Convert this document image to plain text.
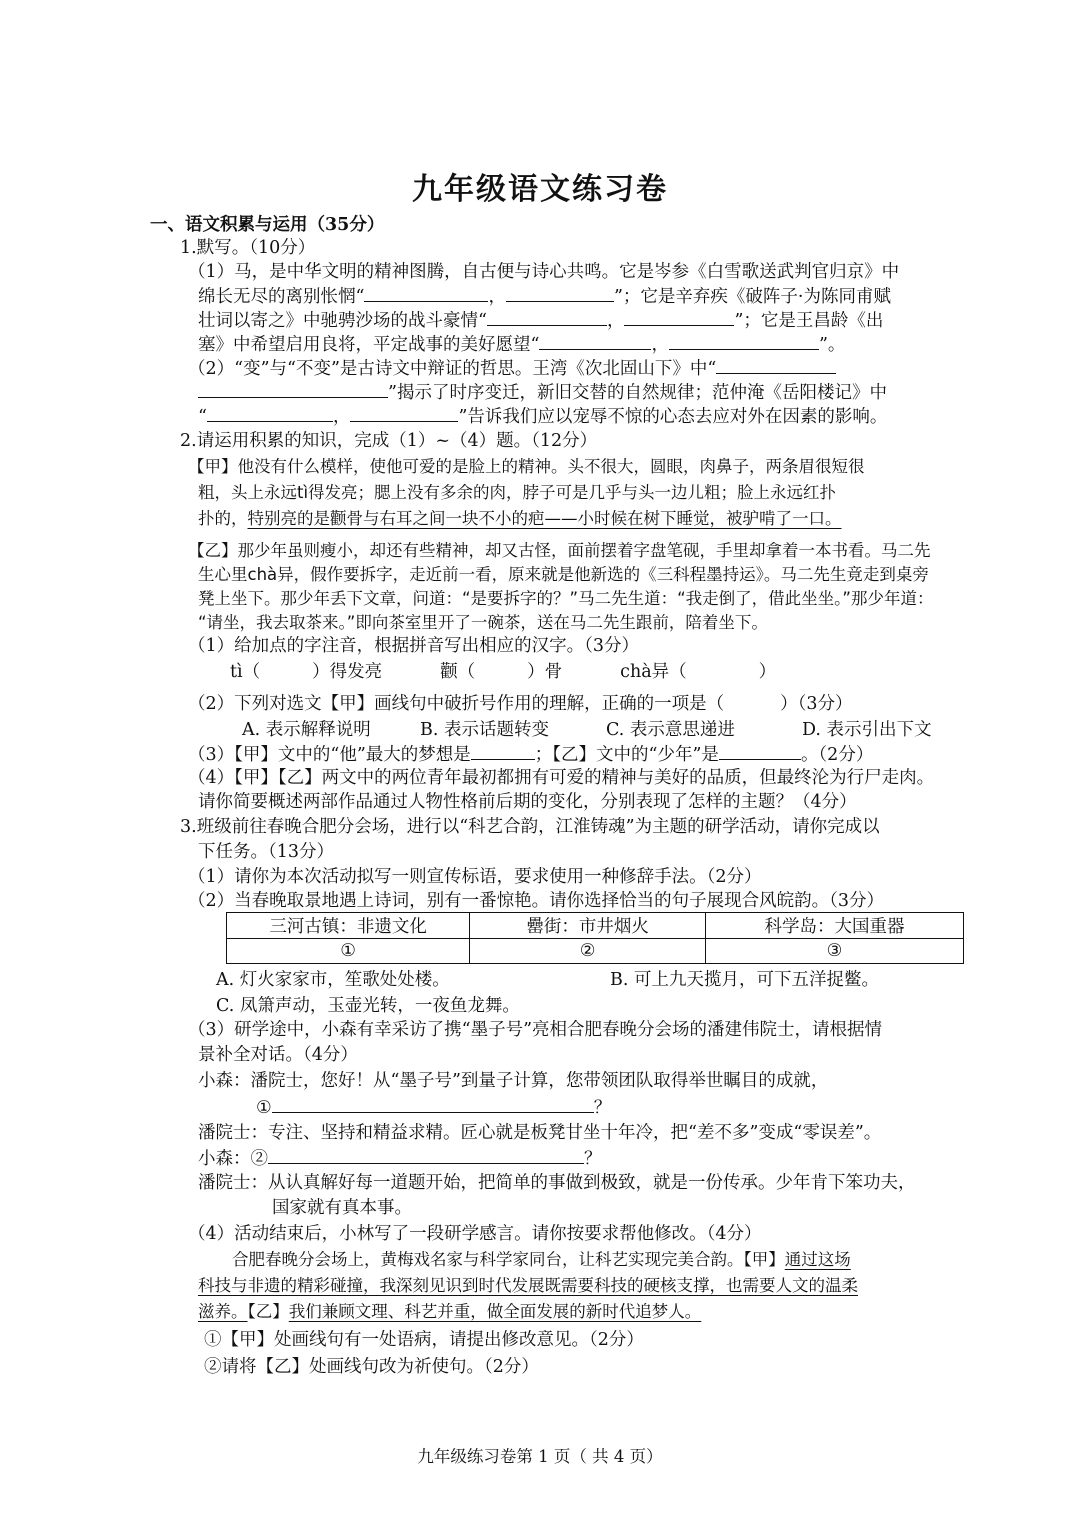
九年级语文练习卷
一、语文积累与运用（35分）
1.默写。（10分）
（1）马，是中华文明的精神图腾，自古便与诗心共鸣。它是岑参《白雪歌送武判官归京》中
绵长无尽的离别怅惘“	，	”；它是辛弃疾《破阵子·为陈同甫赋
壮词以寄之》中驰骋沙场的战斗豪情“	，	”；它是王昌龄《出
塞》中希望启用良将，平定战事的美好愿望“	，	”。
（2）“变”与“不变”是古诗文中辩证的哲思。王湾《次北固山下》中“
”揭示了时序变迁，新旧交替的自然规律；范仲淹《岳阳楼记》中
“	，	”告诉我们应以宠辱不惊的心态去应对外在因素的影响。
2.请运用积累的知识，完成（1）~（4）题。（12分）
【甲】他没有什么模样，使他可爱的是脸上的精神。头不很大，圆眼，肉鼻子，两条眉很短很
粗，头上永远tì得发亮；腮上没有多余的肉，脖子可是几乎与头一边儿粗；脸上永远红扑
扑的，特别亮的是颧骨与右耳之间一块不小的疤——小时候在树下睡觉，被驴啃了一口。
【乙】那少年虽则瘦小，却还有些精神，却又古怪，面前摆着字盘笔砚，手里却拿着一本书看。马二先
生心里chà异，假作要拆字，走近前一看，原来就是他新选的《三科程墨持运》。马二先生竟走到桌旁
凳上坐下。那少年丢下文章，问道：“是要拆字的？”马二先生道：“我走倒了，借此坐坐。”那少年道：
“请坐，我去取茶来。”即向茶室里开了一碗茶，送在马二先生跟前，陪着坐下。
（1）给加点的字注音，根据拼音写出相应的汉字。（3分）
tì（	）得发亮	颧（	）骨	chà异（	）
（2）下列对选文【甲】画线句中破折号作用的理解，正确的一项是（	）（3分）
A. 表示解释说明	B. 表示话题转变	C. 表示意思递进	D. 表示引出下文
（3）【甲】文中的“他”最大的梦想是	；【乙】文中的“少年”是	。（2分）
（4）【甲】【乙】两文中的两位青年最初都拥有可爱的精神与美好的品质，但最终沦为行尸走肉。
请你简要概述两部作品通过人物性格前后期的变化，分别表现了怎样的主题？（4分）
3.班级前往春晚合肥分会场，进行以“科艺合韵，江淮铸魂”为主题的研学活动，请你完成以
下任务。（13分）
（1）请你为本次活动拟写一则宣传标语，要求使用一种修辞手法。（2分）
（2）当春晚取景地遇上诗词，别有一番惊艳。请你选择恰当的句子展现合风皖韵。（3分）
三河古镇：非遗文化	罍街：市井烟火	科学岛：大国重器
①	②	③
A. 灯火家家市，笙歌处处楼。	B. 可上九天揽月，可下五洋捉鳖。
C. 凤箫声动，玉壶光转，一夜鱼龙舞。
（3）研学途中，小森有幸采访了携“墨子号”亮相合肥春晚分会场的潘建伟院士，请根据情
景补全对话。（4分）
小森：潘院士，您好！从“墨子号”到量子计算，您带领团队取得举世瞩目的成就，
①	？
潘院士：专注、坚持和精益求精。匠心就是板凳甘坐十年冷，把“差不多”变成“零误差”。
小森：②	？
潘院士：从认真解好每一道题开始，把简单的事做到极致，就是一份传承。少年肯下笨功夫，
国家就有真本事。
（4）活动结束后，小林写了一段研学感言。请你按要求帮他修改。（4分）
合肥春晚分会场上，黄梅戏名家与科学家同台，让科艺实现完美合韵。【甲】通过这场
科技与非遗的精彩碰撞，我深刻见识到时代发展既需要科技的硬核支撑，也需要人文的温柔
滋养。【乙】我们兼顾文理、科艺并重，做全面发展的新时代追梦人。
①【甲】处画线句有一处语病，请提出修改意见。（2分）
②请将【乙】处画线句改为祈使句。（2分）
九年级练习卷第 1 页（ 共 4 页）
